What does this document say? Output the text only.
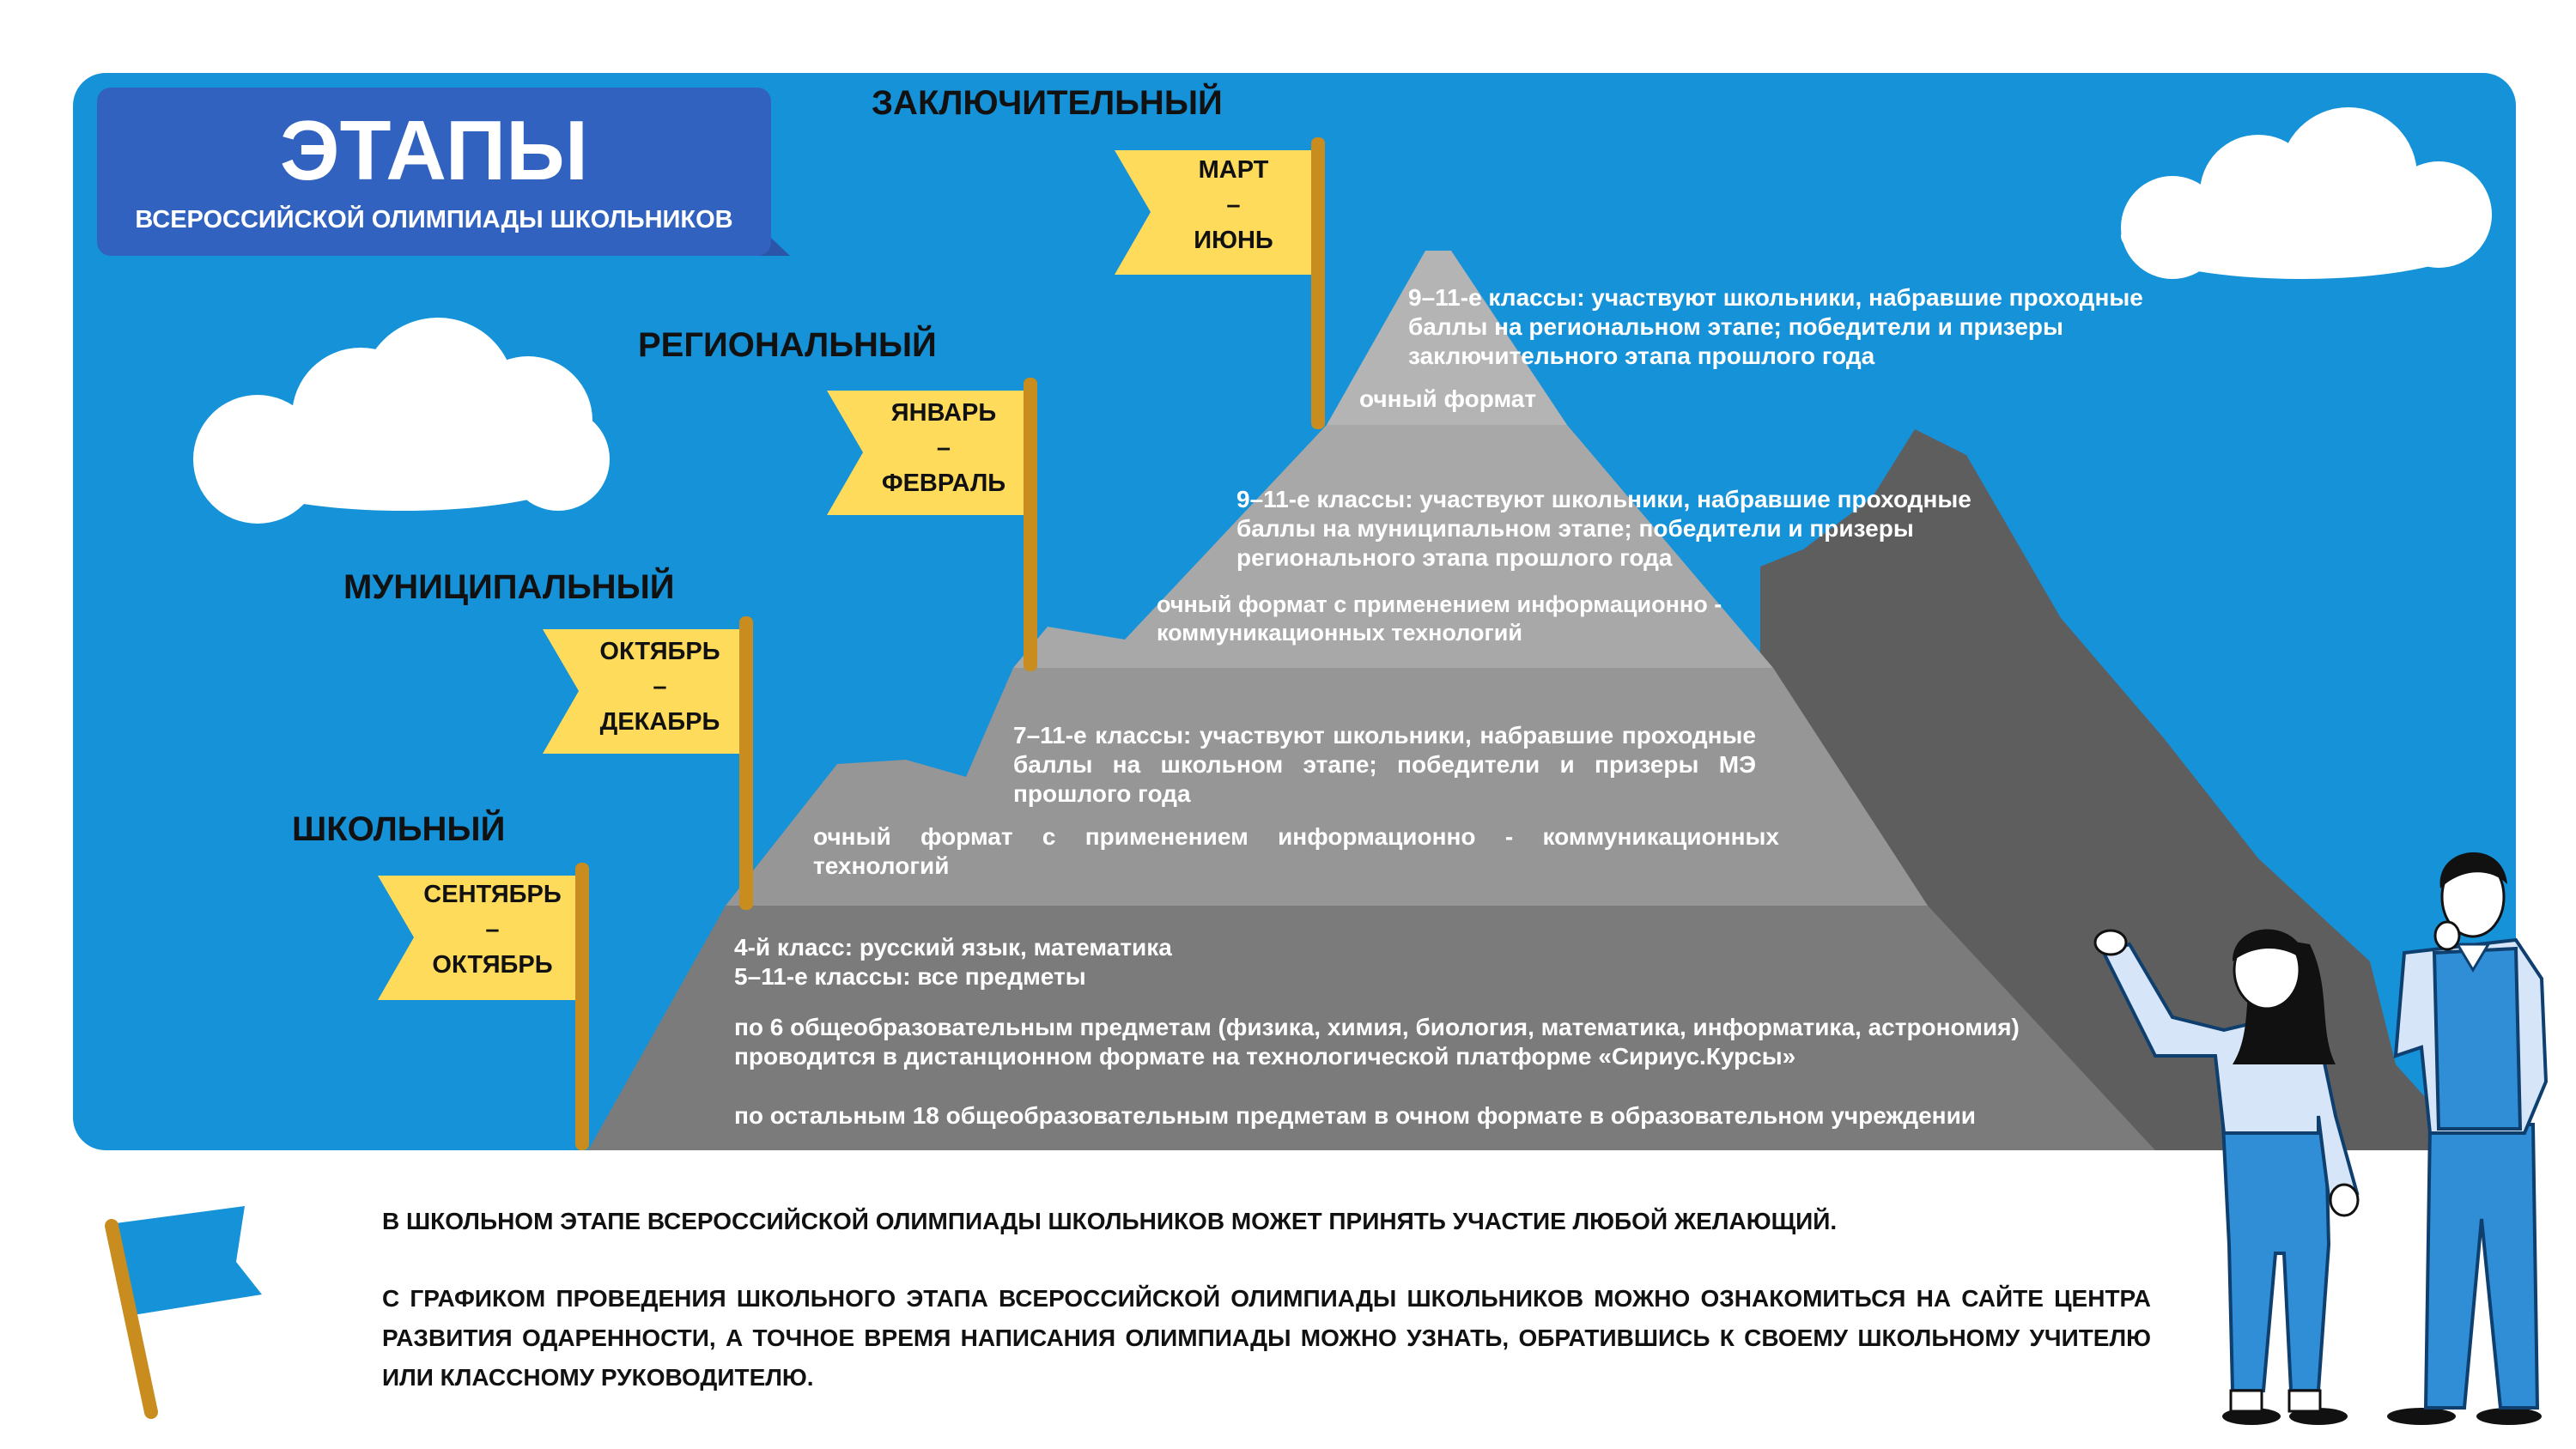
ЭТАПЫ
ВСЕРОССИЙСКОЙ ОЛИМПИАДЫ ШКОЛЬНИКОВ
ЗАКЛЮЧИТЕЛЬНЫЙ
РЕГИОНАЛЬНЫЙ
МУНИЦИПАЛЬНЫЙ
ШКОЛЬНЫЙ
МАРТ
–
ИЮНЬ
ЯНВАРЬ
–
ФЕВРАЛЬ
ОКТЯБРЬ
–
ДЕКАБРЬ
СЕНТЯБРЬ
–
ОКТЯБРЬ
9–11-е классы: участвуют школьники, набравшие проходные баллы на региональном этапе; победители и призеры заключительного этапа прошлого года
очный формат
9–11-е классы: участвуют школьники, набравшие проходные баллы на муниципальном этапе; победители и призеры регионального этапа прошлого года
очный формат с применением информационно - коммуникационных технологий
7–11-е классы: участвуют школьники, набравшие проходные баллы на школьном этапе; победители и призеры МЭ прошлого года
очный формат с применением информационно - коммуникационных технологий
4-й класс: русский язык, математика
5–11-е классы: все предметы
по 6 общеобразовательным предметам (физика, химия, биология, математика, информатика, астрономия) проводится в дистанционном формате на технологической платформе «Сириус.Курсы»
по остальным 18 общеобразовательным предметам в очном формате в образовательном учреждении
В ШКОЛЬНОМ ЭТАПЕ ВСЕРОССИЙСКОЙ ОЛИМПИАДЫ ШКОЛЬНИКОВ МОЖЕТ ПРИНЯТЬ УЧАСТИЕ ЛЮБОЙ ЖЕЛАЮЩИЙ.
С ГРАФИКОМ ПРОВЕДЕНИЯ ШКОЛЬНОГО ЭТАПА ВСЕРОССИЙСКОЙ ОЛИМПИАДЫ ШКОЛЬНИКОВ МОЖНО ОЗНАКОМИТЬСЯ НА САЙТЕ ЦЕНТРА РАЗВИТИЯ ОДАРЕННОСТИ, А ТОЧНОЕ ВРЕМЯ НАПИСАНИЯ ОЛИМПИАДЫ МОЖНО УЗНАТЬ, ОБРАТИВШИСЬ К СВОЕМУ ШКОЛЬНОМУ УЧИТЕЛЮ ИЛИ КЛАССНОМУ РУКОВОДИТЕЛЮ.
